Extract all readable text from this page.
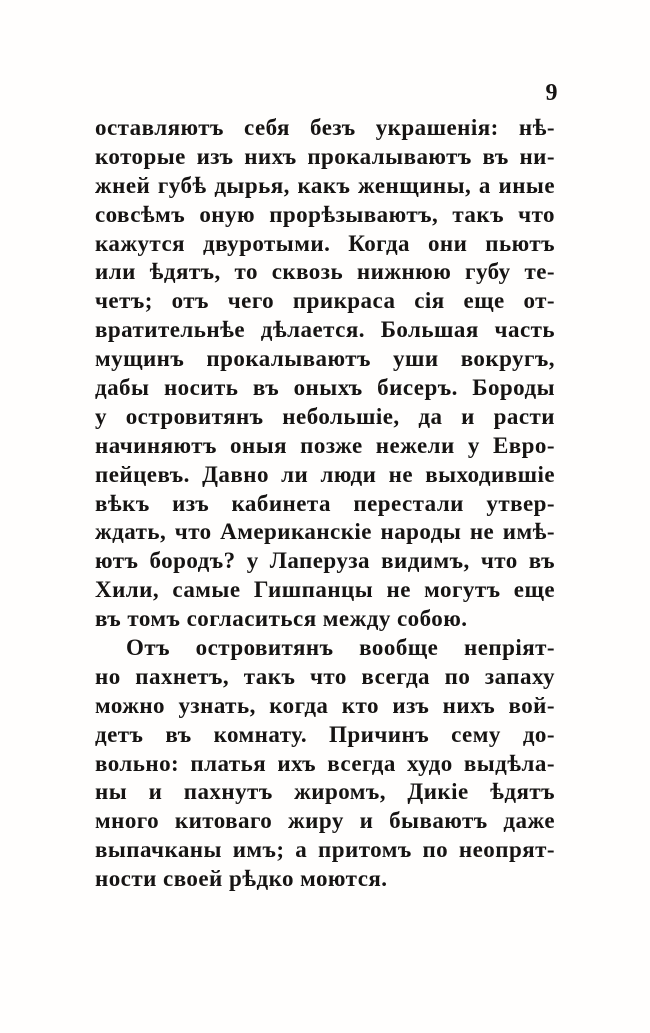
9
оставляютъ себя безъ украшенія: нѣ-
которые изъ нихъ прокалываютъ въ ни-
жней губѣ дырья, какъ женщины, а иные
совсѣмъ оную прорѣзываютъ, такъ что
кажутся двуротыми. Когда они пьютъ
или ѣдятъ, то сквозь нижнюю губу те-
четъ; отъ чего прикраса сія еще от-
вратительнѣе дѣлается. Большая часть
мущинъ прокалываютъ уши вокругъ,
дабы носить въ оныхъ бисеръ. Бороды
у островитянъ небольшіе, да и расти
начиняютъ оныя позже нежели у Евро-
пейцевъ. Давно ли люди не выходившіе
вѣкъ изъ кабинета перестали утвер-
ждать, что Американскіе народы не имѣ-
ютъ бородъ? у Лаперуза видимъ, что въ
Хили, самые Гишпанцы не могутъ еще
въ томъ согласиться между собою.
Отъ островитянъ вообще непріят-
но пахнетъ, такъ что всегда по запаху
можно узнать, когда кто изъ нихъ вой-
детъ въ комнату. Причинъ сему до-
вольно: платья ихъ всегда худо выдѣла-
ны и пахнутъ жиромъ, Дикіе ѣдятъ
много китоваго жиру и бываютъ даже
выпачканы имъ; а притомъ по неопрят-
ности своей рѣдко моются.
